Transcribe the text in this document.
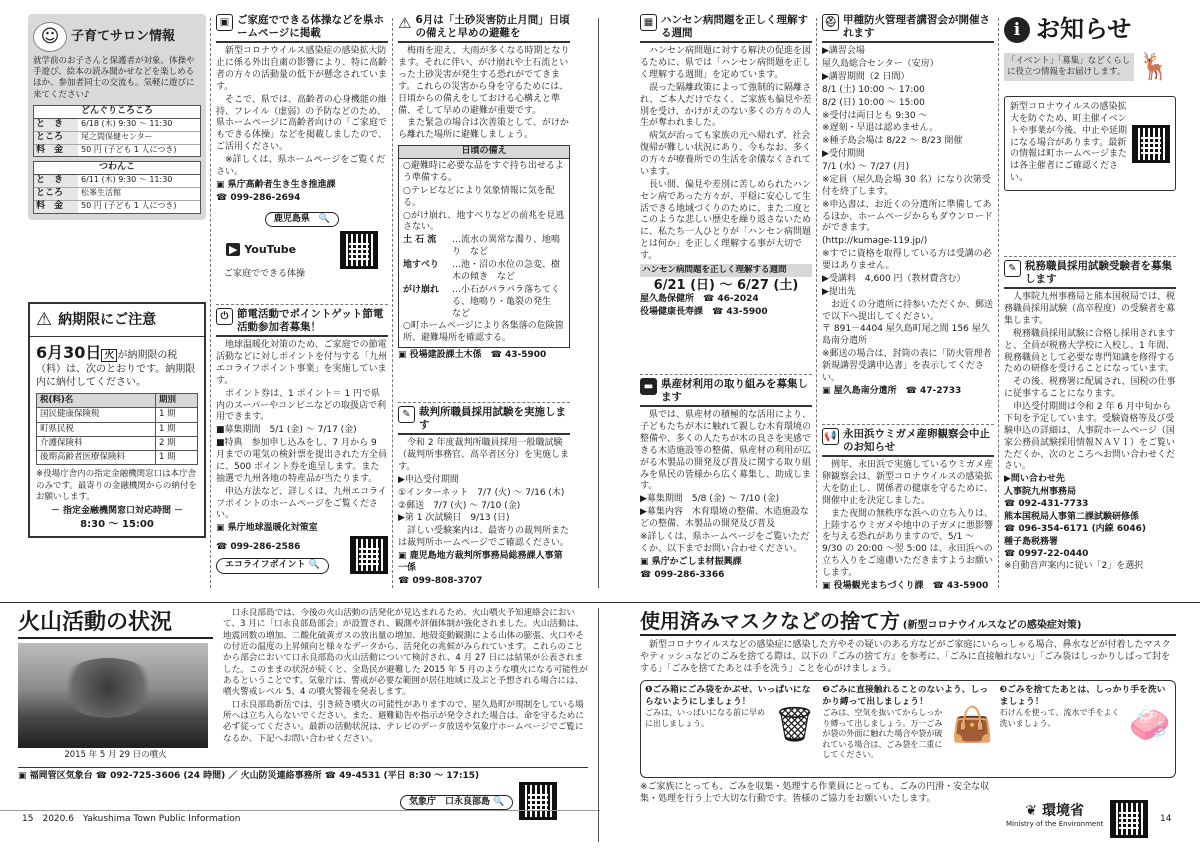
☺ 子育てサロン情報
就学前のお子さんと保護者が対象。体操や手遊び、絵本の読み聞かせなどを楽しめるほか、参加者同士の交流も。気軽に遊びに来てください♪
どんぐりころころ
と　き	6/18 (木) 9:30 ～ 11:30
ところ	尾之間保健センター
料　金	50 円 (子ども 1 人につき)
つわんこ
と　き	6/11 (木) 9:30 ～ 11:30
ところ	松峯生活館
料　金	50 円 (子ども 1 人につき)
⚠ 納期限にご注意
6月30日 火 が納期限の税（料）は、次のとおりです。納期限内に納付してください。
税(料)名	期別
国民健康保険税	1 期
町県民税	1 期
介護保険料	2 期
後期高齢者医療保険料	1 期
※役場庁舎内の指定金融機関窓口は本庁舎のみです。最寄りの金融機関からの納付をお願いします。
－ 指定金融機関窓口対応時間 －
8:30 ～ 15:00
▣ ご家庭でできる体操などを県ホームページに掲載
新型コロナウイルス感染症の感染拡大防止に係る外出自粛の影響により、特に高齢者の方々の活動量の低下が懸念されています。
そこで、県では、高齢者の心身機能の維持、フレイル（虚弱）の予防などのため、県ホームページに高齢者向けの「ご家庭でもできる体操」などを掲載しましたので、ご活用ください。
※詳しくは、県ホームページをご覧ください。
▣ 県庁高齢者生き生き推進課
☎ 099-286-2694
鹿児島県　 🔍
▶ YouTube
ご家庭でできる体操
⏻ 節電活動でポイントゲット節電活動参加者募集！
地球温暖化対策のため、ご家庭での節電活動などに対しポイントを付与する「九州エコライフポイント事業」を実施しています。
ポイント券は、1 ポイント＝ 1 円で県内のスーパーやコンビニなどの取扱店で利用できます。
■募集期間　5/1 (金) ～ 7/17 (金)
■特典　参加申し込みをし、7 月から 9 月までの電気の検針票を提出された方全員に、500 ポイント券を進呈します。また抽選で九州各地の特産品が当たります。
申込方法など、詳しくは、九州エコライフポイントのホームページをご覧ください。
▣ 県庁地球温暖化対策室
☎ 099-286-2586
エコライフポイント 🔍
⚠ 6月は「土砂災害防止月間」日頃の備えと早めの避難を
梅雨を迎え、大雨が多くなる時期となります。それに伴い、がけ崩れや土石流といった土砂災害が発生する恐れがでてきます。これらの災害から身を守るためには、日頃からの備えをしておける心構えと準備、そして早めの避難が重要です。
また緊急の場合は次善策として、がけから離れた場所に避難しましょう。
日頃の備え
○避難時に必要な品をすぐ持ち出せるよう準備する。
○テレビなどにより気象情報に気を配る。
○がけ崩れ、地すべりなどの前兆を見逃さない。
土 石 流	…流水の異常な濁り、地鳴り　など
地すべり	…池・沼の水位の急変、樹木の傾き　など
がけ崩れ	…小石がパラパラ落ちてくる、地鳴り・亀裂の発生　など
○町ホームページにより各集落の危険箇所、避難場所を確認する。
▣ 役場建設課土木係　☎ 43-5900
✎ 裁判所職員採用試験を実施します
令和 2 年度裁判所職員採用一般職試験（裁判所事務官、高卒者区分）を実施します。
▶申込受付期間
①インターネット　7/7 (火) ～ 7/16 (木)
②郵送　7/7 (火) ～ 7/10 (金)
▶第 1 次試験日　9/13 (日)
詳しい受験案内は、最寄りの裁判所または裁判所ホームページでご確認ください。
▣ 鹿児島地方裁判所事務局総務課人事第一係
☎ 099-808-3707
▦ ハンセン病問題を正しく理解する週間
ハンセン病問題に対する解決の促進を図るために、県では「ハンセン病問題を正しく理解する週間」を定めています。
誤った隔離政策によって強制的に隔離され、ご本人だけでなく、ご家族も偏見や差別を受け、かけがえのない多くの方々の人生が奪われました。
病気が治っても家族の元へ帰れず、社会復帰が難しい状況にあり、今もなお、多くの方々が療養所での生活を余儀なくされています。
長い間、偏見や差別に苦しめられたハンセン病であった方々が、平穏に安心して生活できる地域づくりのために、また二度とこのような悲しい歴史を繰り返さないために、私たち一人ひとりが「ハンセン病問題とは何か」を正しく理解する事が大切です。
ハンセン病問題を正しく理解する週間
6/21 (日) ～ 6/27 (土)
屋久島保健所　☎ 46-2024
役場健康長寿課　☎ 43-5900
▬ 県産材利用の取り組みを募集します
県では、県産材の積極的な活用により、子どもたちが木に触れて親しむ木育環境の整備や、多くの人たちが木の良さを実感できる木造施設等の整備、県産材の利用が広がる木製品の開発及び普及に関する取り組みを県民の皆様から広く募集し、助成します。
▶募集期間　5/8 (金) ～ 7/10 (金)
▶募集内容　木育環境の整備、木造施設などの整備、木製品の開発及び普及
※詳しくは、県ホームページをご覧いただくか、以下までお問い合わせください。
▣ 県庁かごしま材振興課
☎ 099-286-3366
⛑ 甲種防火管理者講習会が開催されます
▶講習会場
屋久島総合センター（安房）
▶講習期間（2 日間）
8/1 (土) 10:00 ～ 17:00
8/2 (日) 10:00 ～ 15:00
※受付は両日とも 9:30 ～
※遅刻・早退は認めません。
※種子島会場は 8/22 ～ 8/23 開催
▶受付期間
7/1 (水) ～ 7/27 (月)
※定員（屋久島会場 30 名）になり次第受付を終了します。
※申込書は、お近くの分遣所に準備してあるほか、ホームページからもダウンロードができます。
(http://kumage-119.jp/)
※すでに資格を取得している方は受講の必要はありません。
▶受講料　4,600 円（教材費含む）
▶提出先
お近くの分遣所に持参いただくか、郵送で以下へ提出してください。
〒 891－4404 屋久島町尾之間 156 屋久島南分遣所
※郵送の場合は、封筒の表に「防火管理者新規講習受講申込書」を表示してください。
▣ 屋久島南分遣所　☎ 47-2733
📢 永田浜ウミガメ産卵観察会中止のお知らせ
例年、永田浜で実施しているウミガメ産卵観察会は、新型コロナウイルスの感染拡大を防止し、関係者の健康を守るために、開催中止を決定しました。
また夜間の無秩序な浜への立ち入りは、上陸するウミガメや地中の子ガメに悪影響を与える恐れがありますので、5/1 ～ 9/30 の 20:00 ～翌 5:00 は、永田浜への立ち入りをご遠慮いただきますようお願いします。
▣ 役場観光まちづくり課　☎ 43-5900
i お知らせ
「イベント」「募集」などくらしに役立つ情報をお届けします。 🦌
新型コロナウイルスの感染拡大を防ぐため、町主催イベントや事業が今後、中止や延期になる場合があります。最新の情報は町ホームページまたは各主催者にご確認ください。
✎ 税務職員採用試験受験者を募集します
人事院九州事務局と熊本国税局では、税務職員採用試験（高卒程度）の受験者を募集します。
税務職員採用試験に合格し採用されますと、全員が税務大学校に入校し、1 年間、税務職員として必要な専門知識を修得するための研修を受けることになっています。
その後、税務署に配属され、国税の仕事に従事することになります。
申込受付期間は令和 2 年 6 月中旬から下旬を予定しています。受験資格等及び受験申込の詳細は、人事院ホームページ（国家公務員試験採用情報ＮＡＶＩ）をご覧いただくか、次のところへお問い合わせください。
▶問い合わせ先
人事院九州事務局
☎ 092-431-7733
熊本国税局人事第二課試験研修係
☎ 096-354-6171 (内線 6046)
種子島税務署
☎ 0997-22-0440
※自動音声案内に従い「2」を選択
火山活動の状況
2015 年 5 月 29 日の噴火
口永良部島では、今後の火山活動の活発化が見込まれるため、火山噴火予知連絡会において、3 月に「口永良部島部会」が設置され、観測や評価体制が強化されました。火山活動は、地震回数の増加、二酸化硫黄ガスの放出量の増加、地殻変動観測による山体の膨張、火口やその付近の温度の上昇傾向と様々なデータから、活発化の兆候がみられています。これらのことから部会において口永良部島の火山活動について検討され、4 月 27 日には結果が公表されました。このままの状況が続くと、全島民が避難した 2015 年 5 月のような噴火になる可能性があるということです。気象庁は、警戒が必要な範囲が居住地域に及ぶと予想される場合には、噴火警戒レベル 5、4 の噴火警報を発表します。
口永良部島新岳では、引き続き噴火の可能性がありますので、屋久島町が規制をしている場所へは立ち入らないでください。また、避難勧告や指示が発令された場合は、命を守るために必ず従ってください。最新の活動状況は、テレビのデータ放送や気象庁ホームページでご覧になるか、下記へお問い合わせください。
▣ 福岡管区気象台 ☎ 092-725-3606 (24 時間) ／ 火山防災連絡事務所 ☎ 49-4531 (平日 8:30 ～ 17:15)
気象庁　口永良部島 🔍
15　 2020.6　Yakushima Town Public Information
使用済みマスクなどの捨て方 (新型コロナウイルスなどの感染症対策)
新型コロナウイルスなどの感染症に感染した方やその疑いのある方などがご家庭にいらっしゃる場合、鼻水などが付着したマスクやティッシュなどのごみを捨てる際は、以下の『ごみの捨て方』を参考に、「ごみに直接触れない」「ごみ袋はしっかりしばって封をする」「ごみを捨てたあとは手を洗う」ことを心がけましょう。
❶ごみ箱にごみ袋をかぶせ、いっぱいにならないようにしましょう！
ごみは、いっぱいになる前に早めに出しましょう。	🗑
❷ごみに直接触れることのないよう、しっかり縛って出しましょう！
ごみは、空気を抜いてからしっかり縛って出しましょう。万一ごみが袋の外面に触れた場合や袋が破れている場合は、ごみ袋を二重にしてください。
👜
❸ごみを捨てたあとは、しっかり手を洗いましょう！
石けんを使って、流水で手をよく洗いましょう。	🧼
※ご家族にとっても、ごみを収集・処理する作業員にとっても、ごみの円滑・安全な収集・処理を行う上で大切な行動です。皆様のご協力をお願いいたします。
❦ 環境省
Ministry of the Environment
14
